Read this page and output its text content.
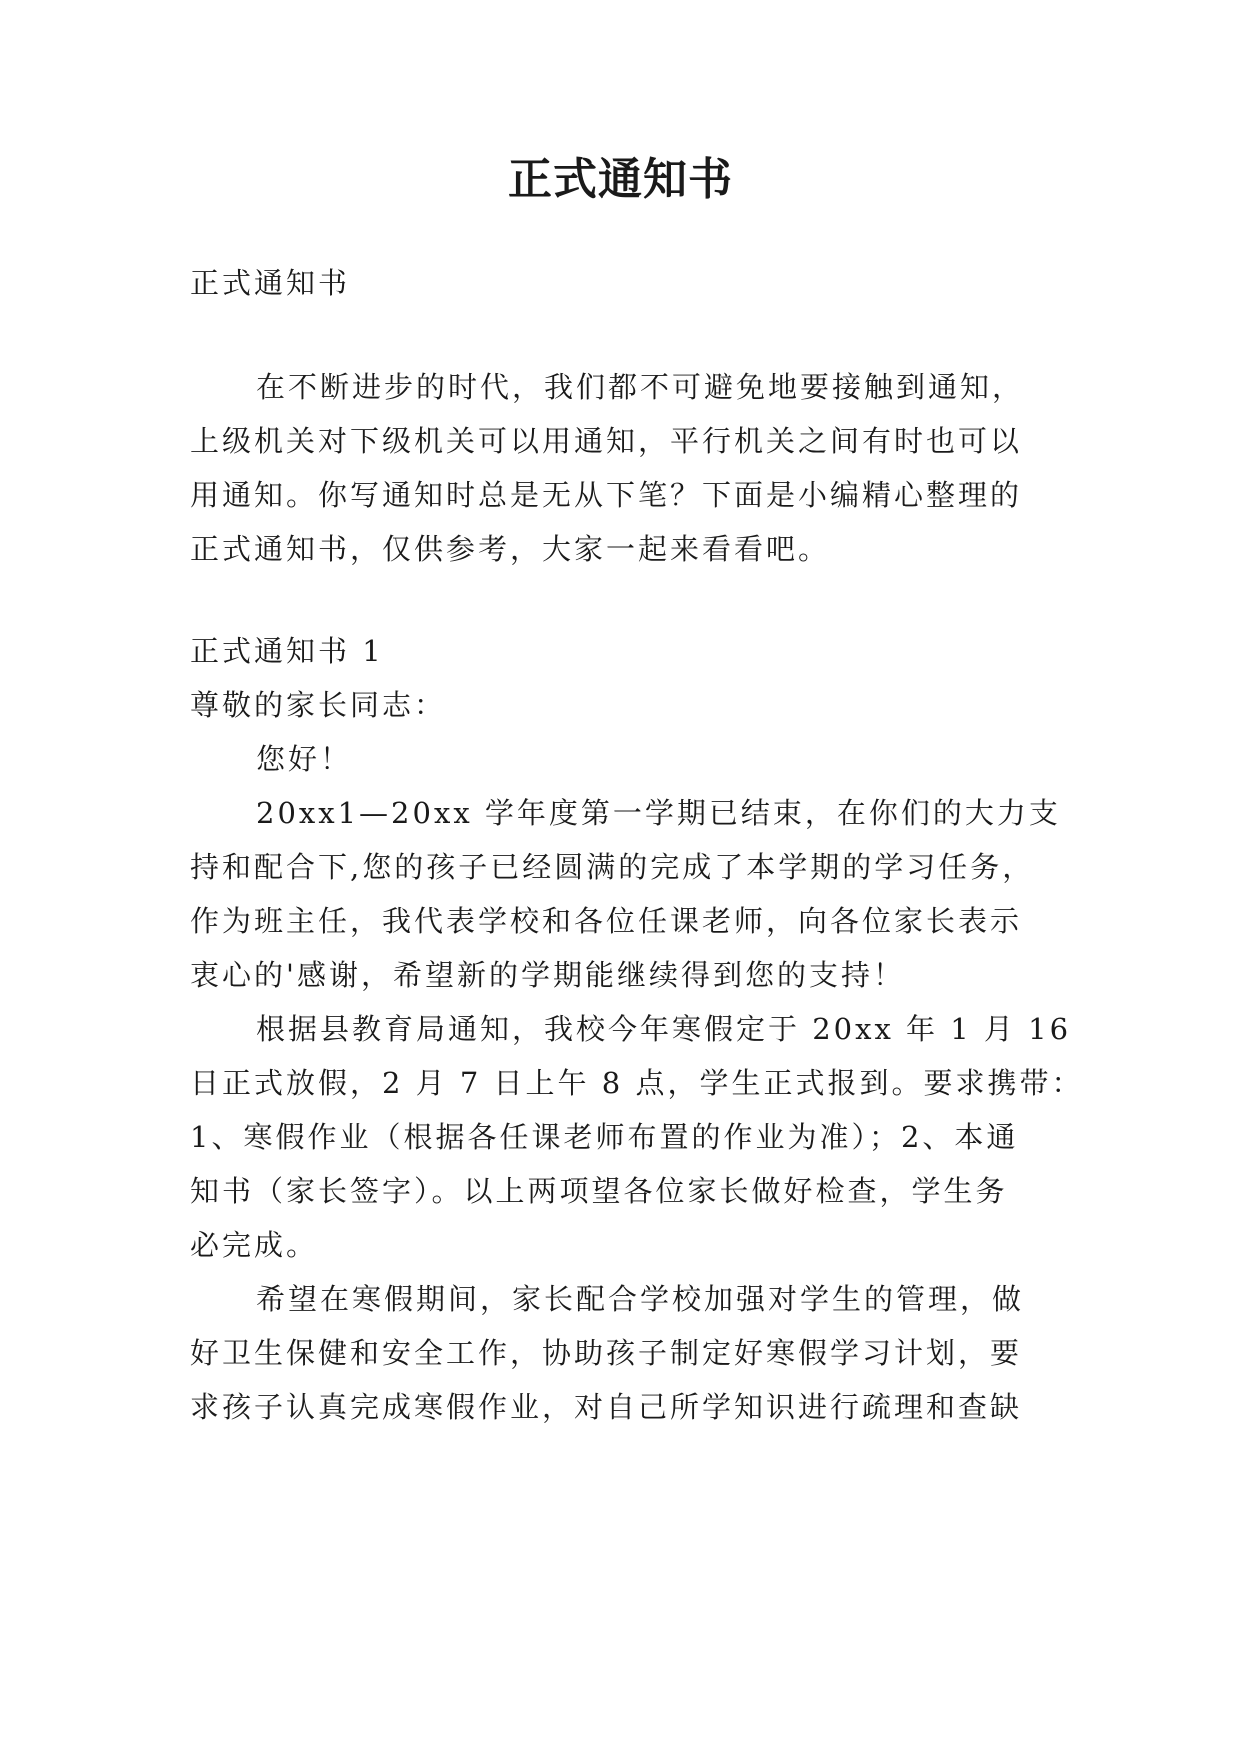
正式通知书

正式通知书

在不断进步的时代，我们都不可避免地要接触到通知，

上级机关对下级机关可以用通知，平行机关之间有时也可以

用通知。你写通知时总是无从下笔？下面是小编精心整理的

正式通知书，仅供参考，大家一起来看看吧。

正式通知书 1

尊敬的家长同志：

您好！

20xx1—20xx 学年度第一学期已结束，在你们的大力支

持和配合下,您的孩子已经圆满的完成了本学期的学习任务，

作为班主任，我代表学校和各位任课老师，向各位家长表示

衷心的'感谢，希望新的学期能继续得到您的支持！

根据县教育局通知，我校今年寒假定于 20xx 年 1 月 16

日正式放假，2 月 7 日上午 8 点，学生正式报到。要求携带：

1、寒假作业（根据各任课老师布置的作业为准）；2、本通

知书（家长签字）。以上两项望各位家长做好检查，学生务

必完成。

希望在寒假期间，家长配合学校加强对学生的管理，做

好卫生保健和安全工作，协助孩子制定好寒假学习计划，要

求孩子认真完成寒假作业，对自己所学知识进行疏理和查缺
